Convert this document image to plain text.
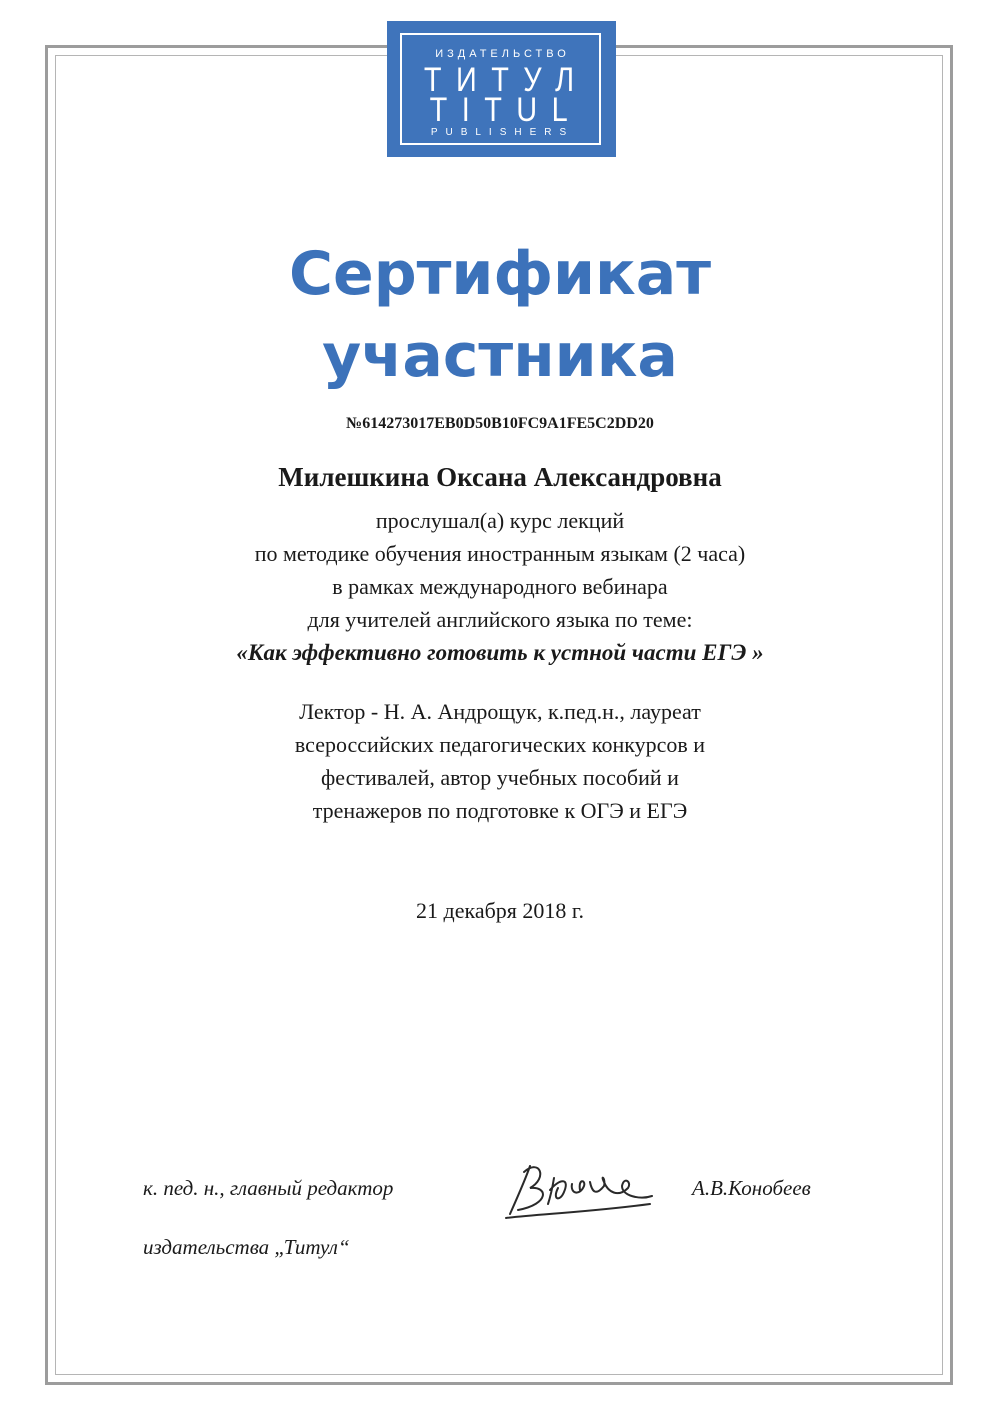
ИЗДАТЕЛЬСТВО
ТИТУЛ
TITUL
PUBLISHERS
Сертификат
участника
№614273017EB0D50B10FC9A1FE5C2DD20
Милешкина Оксана Александровна
прослушал(а) курс лекций
по методике обучения иностранным языкам (2 часа)
в рамках международного вебинара
для учителей английского языка по теме:
«Как эффективно готовить к устной части ЕГЭ »
Лектор - Н. А. Андрощук, к.пед.н., лауреат
всероссийских педагогических конкурсов и
фестивалей, автор учебных пособий и
тренажеров по подготовке к ОГЭ и ЕГЭ
21 декабря 2018 г.
к. пед. н., главный редактор
издательства „Титул“
А.В.Конобеев
